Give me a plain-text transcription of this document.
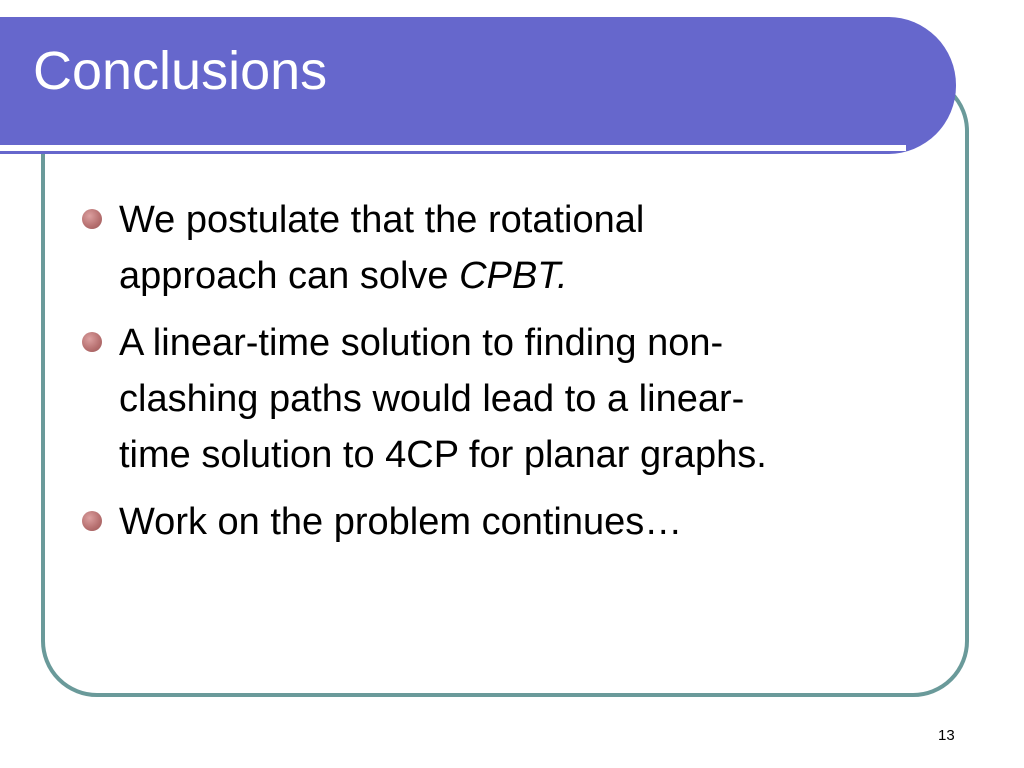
Conclusions
We postulate that the rotational
approach can solve CPBT.
A linear-time solution to finding non-
clashing paths would lead to a linear-
time solution to 4CP for planar graphs.
Work on the problem continues…
13
